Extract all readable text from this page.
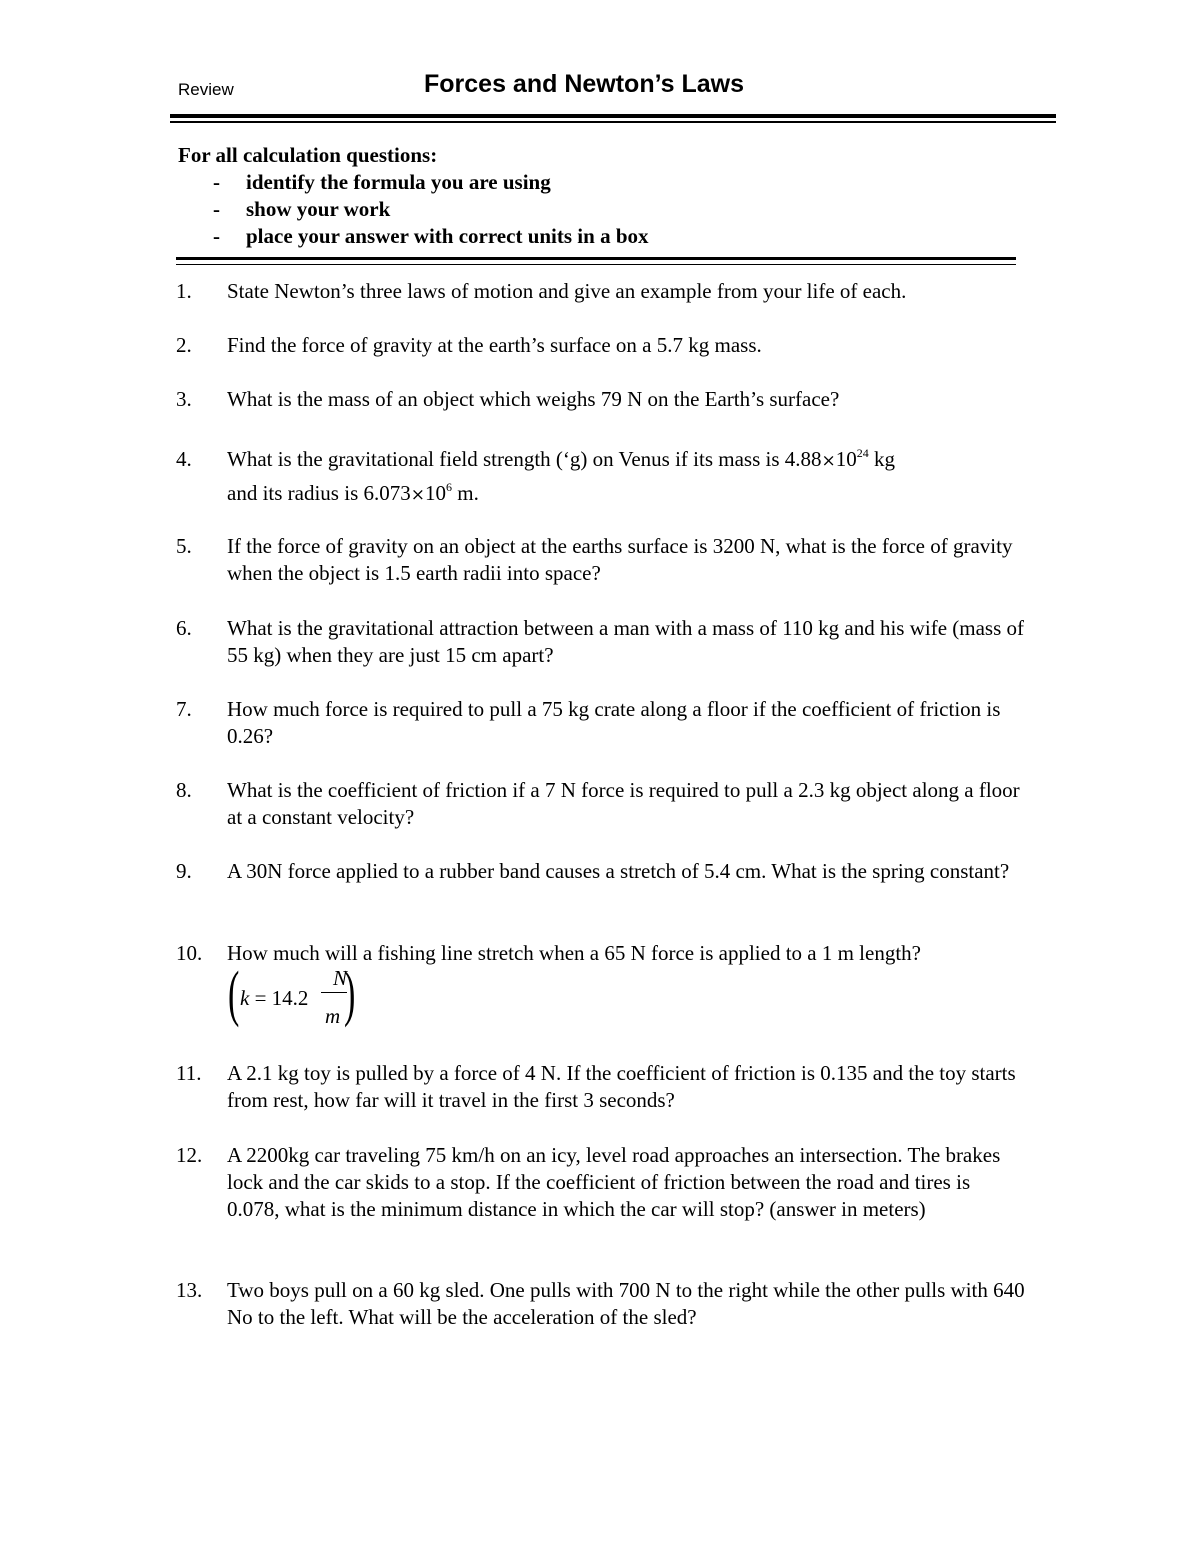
Review	Forces and Newton’s Laws
For all calculation questions:
- identify the formula you are using
- show your work
- place your answer with correct units in a box
1. State Newton’s three laws of motion and give an example from your life of each.
2. Find the force of gravity at the earth’s surface on a 5.7 kg mass.
3. What is the mass of an object which weighs 79 N on the Earth’s surface?
4. What is the gravitational field strength (‘g) on Venus if its mass is $4.88\times 10^{24}$ kg
and its radius is $6.073\times 10^6$ m.
5. If the force of gravity on an object at the earths surface is 3200 N, what is the force of gravity when the object is 1.5 earth radii into space?
6. What is the gravitational attraction between a man with a mass of 110 kg and his wife (mass of 55 kg) when they are just 15 cm apart?
7. How much force is required to pull a 75 kg crate along a floor if the coefficient of friction is 0.26?
8. What is the coefficient of friction if a 7 N force is required to pull a 2.3 kg object along a floor at a constant velocity?
9. A 30N force applied to a rubber band causes a stretch of 5.4 cm. What is the spring constant?
10. How much will a fishing line stretch when a 65 N force is applied to a 1 m length?
( k = 14.2
N
m )
11. A 2.1 kg toy is pulled by a force of 4 N. If the coefficient of friction is 0.135 and the toy starts from rest, how far will it travel in the first 3 seconds?
12. A 2200kg car traveling 75 km/h on an icy, level road approaches an intersection. The brakes lock and the car skids to a stop. If the coefficient of friction between the road and tires is 0.078, what is the minimum distance in which the car will stop? (answer in meters)
13. Two boys pull on a 60 kg sled. One pulls with 700 N to the right while the other pulls with 640 No to the left. What will be the acceleration of the sled?
